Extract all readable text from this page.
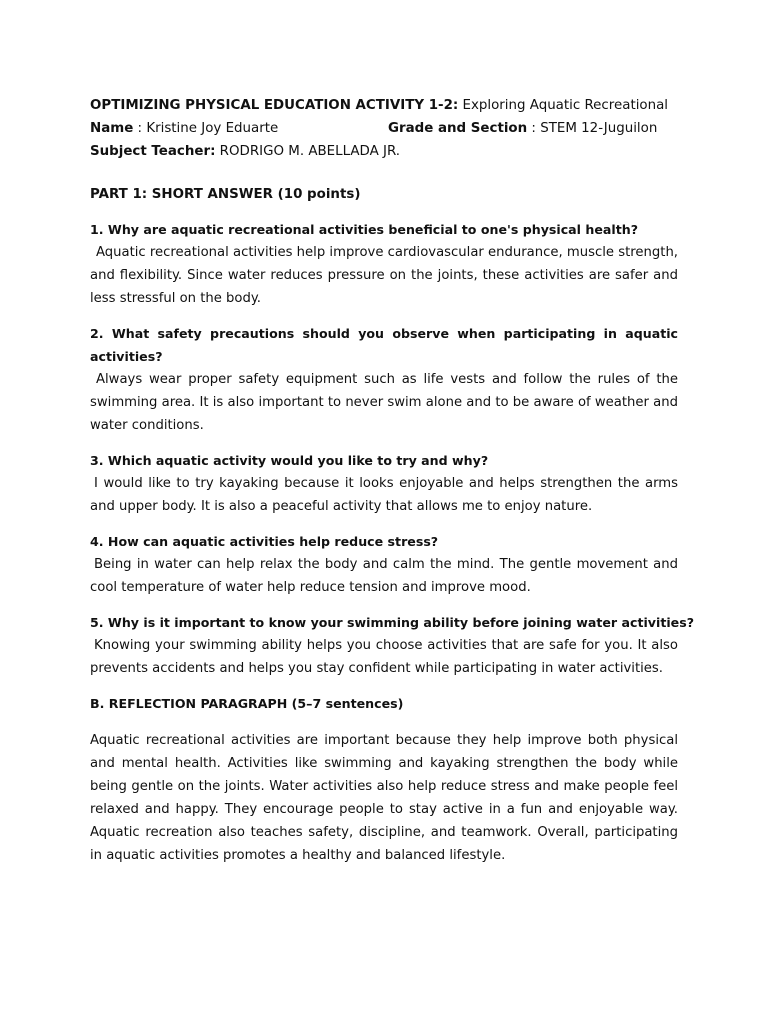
OPTIMIZING PHYSICAL EDUCATION ACTIVITY 1-2: Exploring Aquatic Recreational
Name : Kristine Joy Eduarte	Grade and Section : STEM 12-Juguilon
Subject Teacher: RODRIGO M. ABELLADA JR.
PART 1: SHORT ANSWER (10 points)
1. Why are aquatic recreational activities beneficial to one's physical health?
Aquatic recreational activities help improve cardiovascular endurance, muscle strength, and flexibility. Since water reduces pressure on the joints, these activities are safer and less stressful on the body.
2. What safety precautions should you observe when participating in aquatic activities?
Always wear proper safety equipment such as life vests and follow the rules of the swimming area. It is also important to never swim alone and to be aware of weather and water conditions.
3. Which aquatic activity would you like to try and why?
I would like to try kayaking because it looks enjoyable and helps strengthen the arms and upper body. It is also a peaceful activity that allows me to enjoy nature.
4. How can aquatic activities help reduce stress?
Being in water can help relax the body and calm the mind. The gentle movement and cool temperature of water help reduce tension and improve mood.
5. Why is it important to know your swimming ability before joining water activities?
Knowing your swimming ability helps you choose activities that are safe for you. It also prevents accidents and helps you stay confident while participating in water activities.
B. REFLECTION PARAGRAPH (5–7 sentences)
Aquatic recreational activities are important because they help improve both physical and mental health. Activities like swimming and kayaking strengthen the body while being gentle on the joints. Water activities also help reduce stress and make people feel relaxed and happy. They encourage people to stay active in a fun and enjoyable way. Aquatic recreation also teaches safety, discipline, and teamwork. Overall, participating in aquatic activities promotes a healthy and balanced lifestyle.
